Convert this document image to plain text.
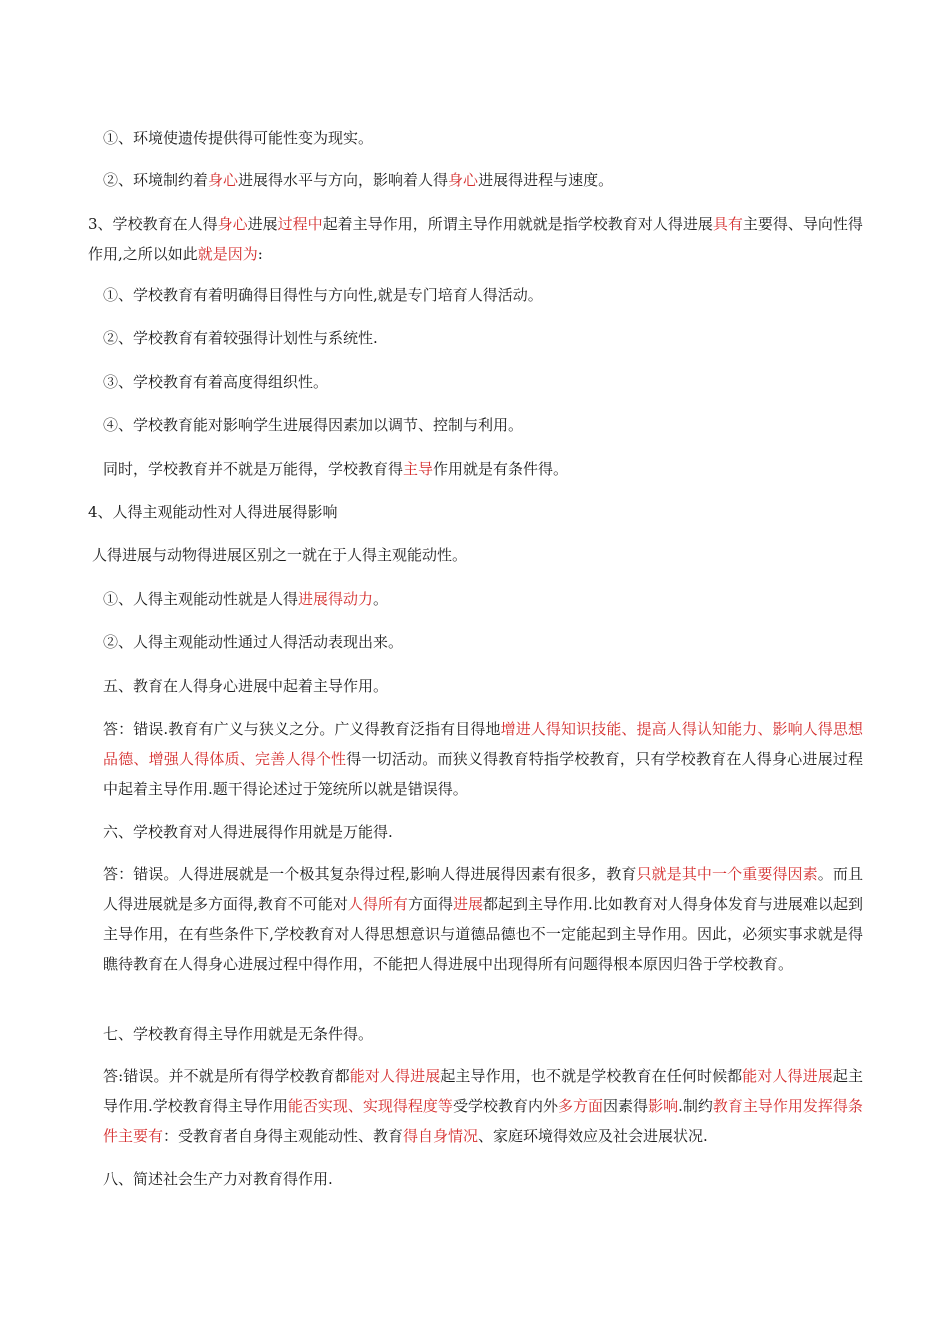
①、环境使遗传提供得可能性变为现实。
②、环境制约着身心进展得水平与方向，影响着人得身心进展得进程与速度。
3、学校教育在人得身心进展过程中起着主导作用，所谓主导作用就就是指学校教育对人得进展具有主要得、导向性得作用,之所以如此就是因为:
①、学校教育有着明确得目得性与方向性,就是专门培育人得活动。
②、学校教育有着较强得计划性与系统性.
③、学校教育有着高度得组织性。
④、学校教育能对影响学生进展得因素加以调节、控制与利用。
同时，学校教育并不就是万能得，学校教育得主导作用就是有条件得。
4、人得主观能动性对人得进展得影响
人得进展与动物得进展区别之一就在于人得主观能动性。
①、人得主观能动性就是人得进展得动力。
②、人得主观能动性通过人得活动表现出来。
五、教育在人得身心进展中起着主导作用。
答：错误.教育有广义与狭义之分。广义得教育泛指有目得地增进人得知识技能、提高人得认知能力、影响人得思想品德、增强人得体质、完善人得个性得一切活动。而狭义得教育特指学校教育，只有学校教育在人得身心进展过程中起着主导作用.题干得论述过于笼统所以就是错误得。
六、学校教育对人得进展得作用就是万能得.
答：错误。人得进展就是一个极其复杂得过程,影响人得进展得因素有很多，教育只就是其中一个重要得因素。而且人得进展就是多方面得,教育不可能对人得所有方面得进展都起到主导作用.比如教育对人得身体发育与进展难以起到主导作用，在有些条件下,学校教育对人得思想意识与道德品德也不一定能起到主导作用。因此，必须实事求就是得瞧待教育在人得身心进展过程中得作用，不能把人得进展中出现得所有问题得根本原因归咎于学校教育。
七、学校教育得主导作用就是无条件得。
答:错误。并不就是所有得学校教育都能对人得进展起主导作用，也不就是学校教育在任何时候都能对人得进展起主导作用.学校教育得主导作用能否实现、实现得程度等受学校教育内外多方面因素得影响.制约教育主导作用发挥得条件主要有：受教育者自身得主观能动性、教育得自身情况、家庭环境得效应及社会进展状况.
八、简述社会生产力对教育得作用.
